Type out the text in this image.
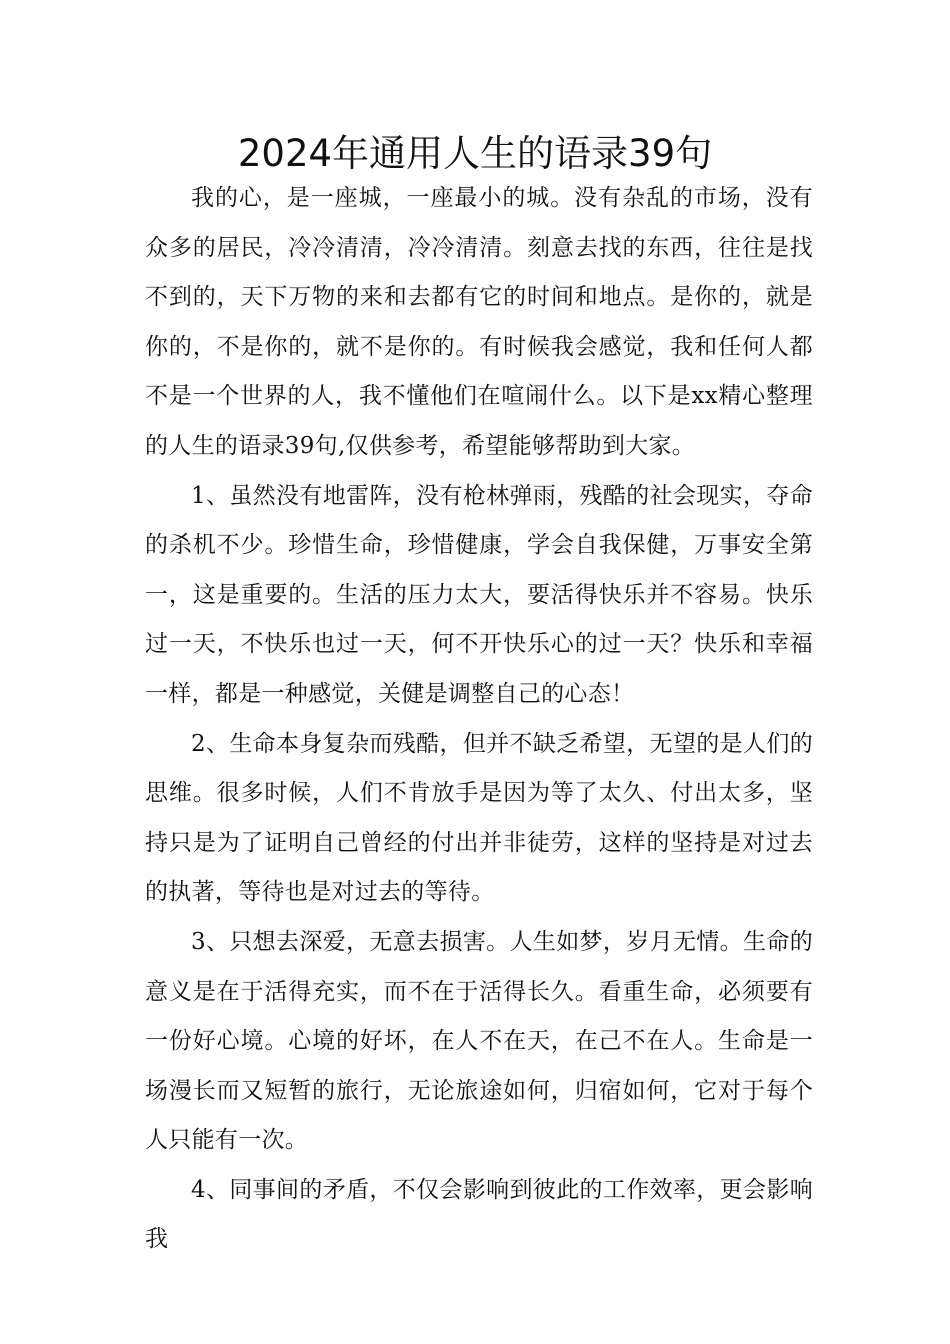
2024年通用人生的语录39句

我的心，是一座城，一座最小的城。没有杂乱的市场，没有众多的居民，冷冷清清，冷冷清清。刻意去找的东西，往往是找不到的，天下万物的来和去都有它的时间和地点。是你的，就是你的，不是你的，就不是你的。有时候我会感觉，我和任何人都不是一个世界的人，我不懂他们在喧闹什么。以下是xx精心整理的人生的语录39句,仅供参考，希望能够帮助到大家。

1、虽然没有地雷阵，没有枪林弹雨，残酷的社会现实，夺命的杀机不少。珍惜生命，珍惜健康，学会自我保健，万事安全第一，这是重要的。生活的压力太大，要活得快乐并不容易。快乐过一天，不快乐也过一天，何不开快乐心的过一天？快乐和幸福一样，都是一种感觉，关健是调整自己的心态！

2、生命本身复杂而残酷，但并不缺乏希望，无望的是人们的思维。很多时候，人们不肯放手是因为等了太久、付出太多，坚持只是为了证明自己曾经的付出并非徒劳，这样的坚持是对过去的执著，等待也是对过去的等待。

3、只想去深爱，无意去损害。人生如梦，岁月无情。生命的意义是在于活得充实，而不在于活得长久。看重生命，必须要有一份好心境。心境的好坏，在人不在天，在己不在人。生命是一场漫长而又短暂的旅行，无论旅途如何，归宿如何，它对于每个人只能有一次。

4、同事间的矛盾，不仅会影响到彼此的工作效率，更会影响我
